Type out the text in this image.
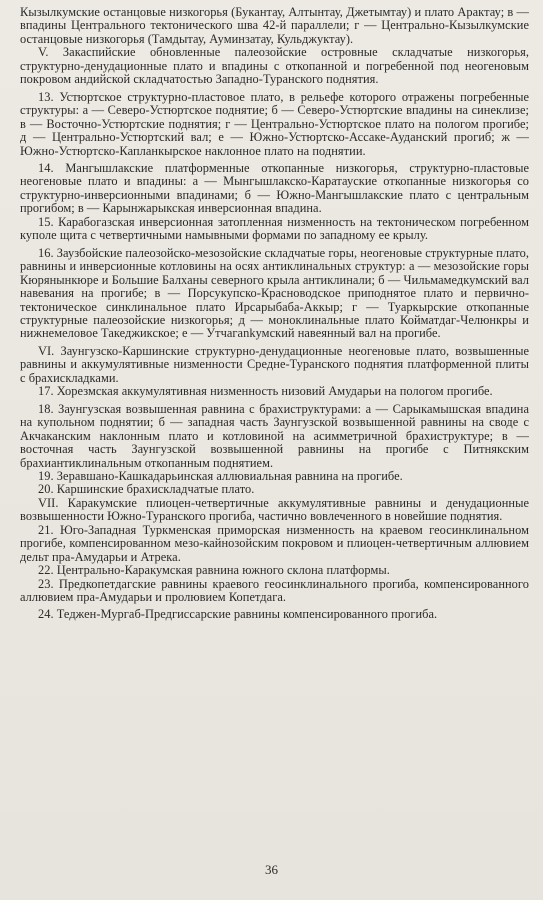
Кызылкумские останцовые низкогорья (Букантау, Алтынтау, Джетымтау) и плато Арактау; в — впадины Центрального тектонического шва 42-й параллели; г — Центрально-Кызылкумские останцовые низкогорья (Тамдытау, Ауминзатау, Кульджуктау).

V. Закаспийские обновленные палеозойские островные складчатые низкогорья, структурно-денудационные плато и впадины с откопанной и погребенной под неогеновым покровом андийской складчатостью Западно-Туранского поднятия.

13. Устюртское структурно-пластовое плато, в рельефе которого отражены погребенные структуры: а — Северо-Устюртское поднятие; б — Северо-Устюртские впадины на синеклизе; в — Восточно-Устюртские поднятия; г — Центрально-Устюртское плато на пологом прогибе; д — Центрально-Устюртский вал; е — Южно-Устюртско-Ассаке-Ауданский прогиб; ж — Южно-Устюртско-Капланкырское наклонное плато на поднятии.

14. Мангышлакские платформенные откопанные низкогорья, структурно-пластовые неогеновые плато и впадины: а — Мынгышлакско-Каратауские откопанные низкогорья со структурно-инверсионными впадинами; б — Южно-Мангышлакские плато с центральным прогибом; в — Карынжарыкская инверсионная впадина.

15. Карабогазская инверсионная затопленная низменность на тектоническом погребенном куполе щита с четвертичными намывными формами по западному ее крылу.

16. Заузбойские палеозойско-мезозойские складчатые горы, неогеновые структурные плато, равнины и инверсионные котловины на осях антиклинальных структур: а — мезозойские горы Кюрянынкюре и Большие Балханы северного крыла антиклинали; б — Чильмамедкумский вал навевания на прогибе; в — Порсукупско-Красноводское приподнятое плато и первично-тектоническое синклинальное плато Ирсарыбаба-Аккыр; г — Туаркырские откопанные структурные палеозойские низкогорья; д — моноклинальные плато Койматдаг-Челюнкры и нижнемеловое Такеджикское; е — Утчагankумский навеянный вал на прогибе.

VI. Заунгузско-Каршинские структурно-денудационные неогеновые плато, возвышенные равнины и аккумулятивные низменности Средне-Туранского поднятия платформенной плиты с брахискладками.

17. Хорезмская аккумулятивная низменность низовий Амударьи на пологом прогибе.

18. Заунгузская возвышенная равнина с брахиструктурами: а — Сарыкамышская впадина на купольном поднятии; б — западная часть Заунгузской возвышенной равнины на своде с Акчаканским наклонным плато и котловиной на асимметричной брахиструктуре; в — восточная часть Заунгузской возвышенной равнины на прогибе с Питнякским брахиантиклинальным откопанным поднятием.

19. Зеравшано-Кашкадарьинская аллювиальная равнина на прогибе.

20. Каршинские брахискладчатые плато.

VII. Каракумские плиоцен-четвертичные аккумулятивные равнины и денудационные возвышенности Южно-Туранского прогиба, частично вовлеченного в новейшие поднятия.

21. Юго-Западная Туркменская приморская низменность на краевом геосинклинальном прогибе, компенсированном мезо-кайнозойским покровом и плиоцен-четвертичным аллювием дельт пра-Амударьи и Атрека.

22. Центрально-Каракумская равнина южного склона платформы.

23. Предкопетдагские равнины краевого геосинклинального прогиба, компенсированного аллювием пра-Амударьи и пролювием Копетдага.

24. Теджен-Мургаб-Предгиссарские равнины компенсированного прогиба.

36
